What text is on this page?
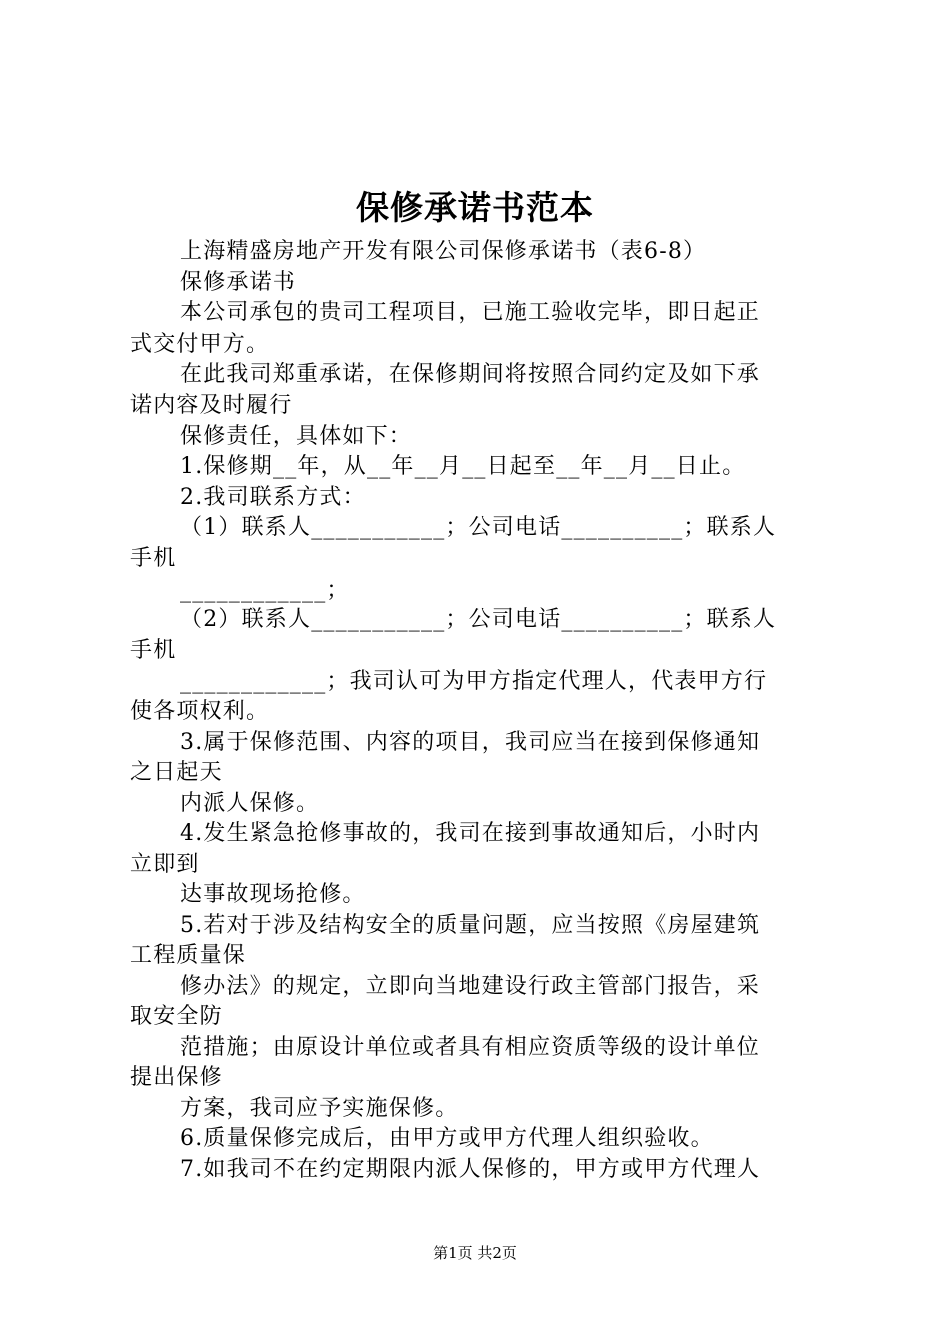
保修承诺书范本
上海精盛房地产开发有限公司保修承诺书（表6-8）
保修承诺书
本公司承包的贵司工程项目，已施工验收完毕，即日起正
式交付甲方。
在此我司郑重承诺，在保修期间将按照合同约定及如下承
诺内容及时履行
保修责任，具体如下：
1.保修期__年，从__年__月__日起至__年__月__日止。
2.我司联系方式：
（1）联系人___________；公司电话__________；联系人
手机
____________；
（2）联系人___________；公司电话__________；联系人
手机
____________；我司认可为甲方指定代理人，代表甲方行
使各项权利。
3.属于保修范围、内容的项目，我司应当在接到保修通知
之日起天
内派人保修。
4.发生紧急抢修事故的，我司在接到事故通知后，小时内
立即到
达事故现场抢修。
5.若对于涉及结构安全的质量问题，应当按照《房屋建筑
工程质量保
修办法》的规定，立即向当地建设行政主管部门报告，采
取安全防
范措施；由原设计单位或者具有相应资质等级的设计单位
提出保修
方案，我司应予实施保修。
6.质量保修完成后，由甲方或甲方代理人组织验收。
7.如我司不在约定期限内派人保修的，甲方或甲方代理人
第1页 共2页
